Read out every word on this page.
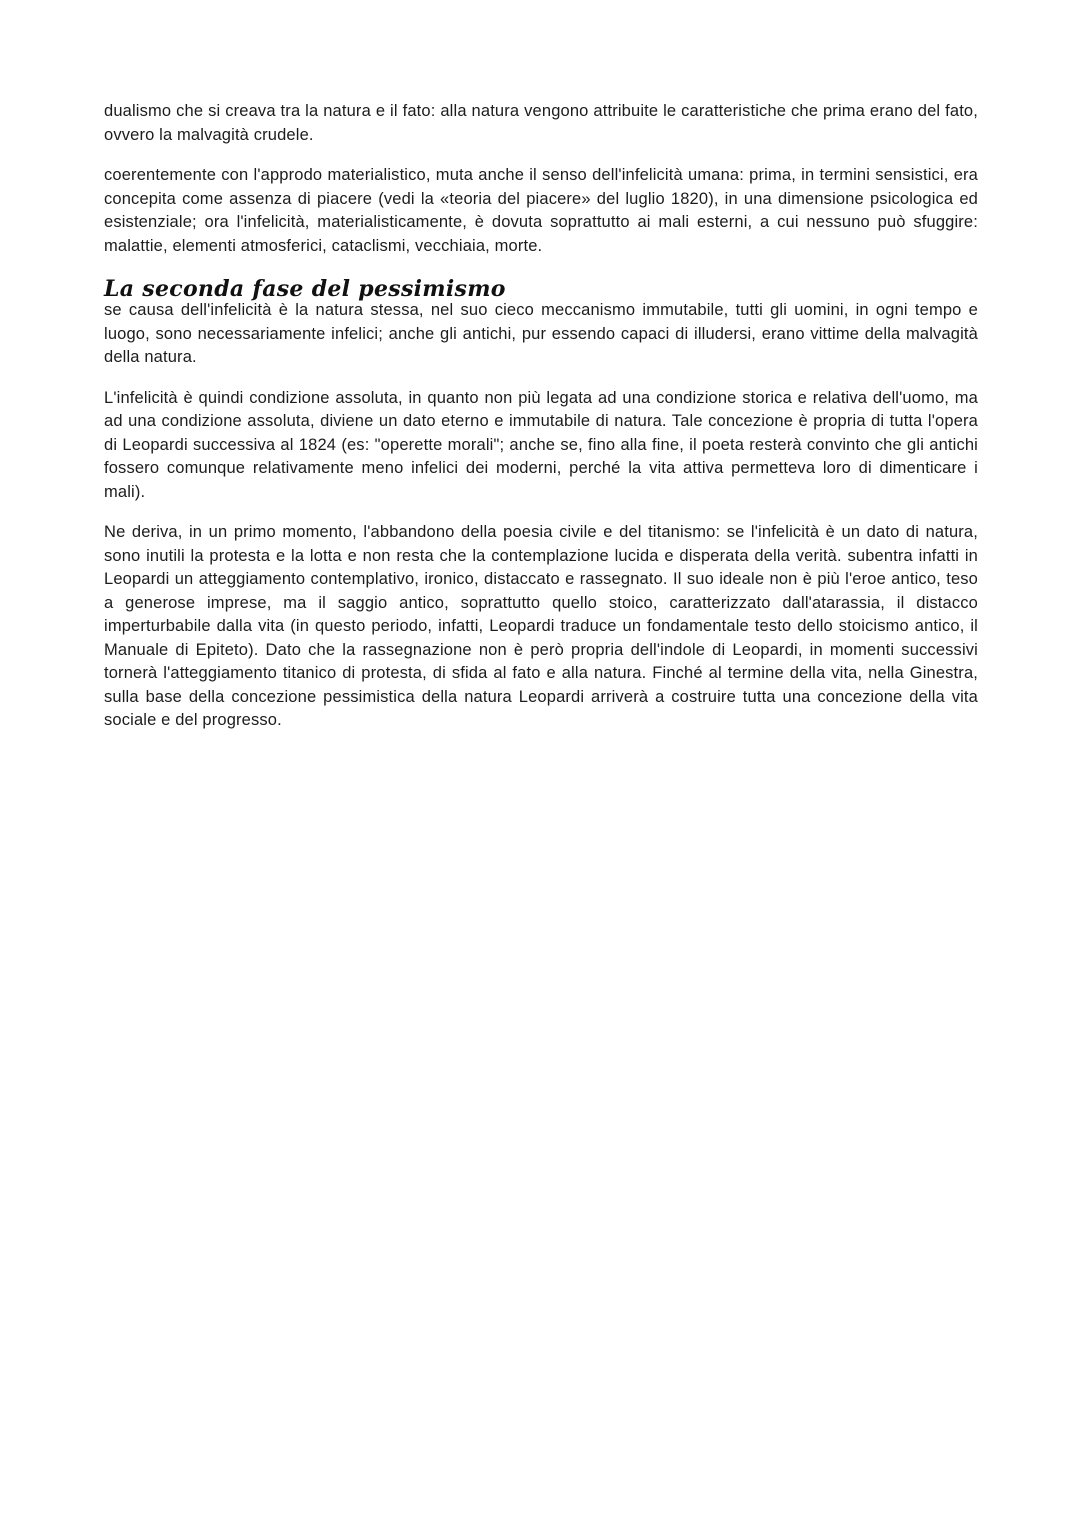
dualismo che si creava tra la natura e il fato: alla natura vengono attribuite le caratteristiche che prima erano del fato, ovvero la malvagità crudele.

coerentemente con l'approdo materialistico, muta anche il senso dell'infelicità umana: prima, in termini sensistici, era concepita come assenza di piacere (vedi la «teoria del piacere» del luglio 1820), in una dimensione psicologica ed esistenziale; ora l'infelicità, materialisticamente, è dovuta soprattutto ai mali esterni, a cui nessuno può sfuggire: malattie, elementi atmosferici, cataclismi, vecchiaia, morte.

La seconda fase del pessimismo

se causa dell'infelicità è la natura stessa, nel suo cieco meccanismo immutabile, tutti gli uomini, in ogni tempo e luogo, sono necessariamente infelici; anche gli antichi, pur essendo capaci di illudersi, erano vittime della malvagità della natura.

L'infelicità è quindi condizione assoluta, in quanto non più legata ad una condizione storica e relativa dell'uomo, ma ad una condizione assoluta, diviene un dato eterno e immutabile di natura. Tale concezione è propria di tutta l'opera di Leopardi successiva al 1824 (es: "operette morali"; anche se, fino alla fine, il poeta resterà convinto che gli antichi fossero comunque relativamente meno infelici dei moderni, perché la vita attiva permetteva loro di dimenticare i mali).

Ne deriva, in un primo momento, l'abbandono della poesia civile e del titanismo: se l'infelicità è un dato di natura, sono inutili la protesta e la lotta e non resta che la contemplazione lucida e disperata della verità. subentra infatti in Leopardi un atteggiamento contemplativo, ironico, distaccato e rassegnato. Il suo ideale non è più l'eroe antico, teso a generose imprese, ma il saggio antico, soprattutto quello stoico, caratterizzato dall'atarassia, il distacco imperturbabile dalla vita (in questo periodo, infatti, Leopardi traduce un fondamentale testo dello stoicismo antico, il Manuale di Epiteto). Dato che la rassegnazione non è però propria dell'indole di Leopardi, in momenti successivi tornerà l'atteggiamento titanico di protesta, di sfida al fato e alla natura. Finché al termine della vita, nella Ginestra, sulla base della concezione pessimistica della natura Leopardi arriverà a costruire tutta una concezione della vita sociale e del progresso.
